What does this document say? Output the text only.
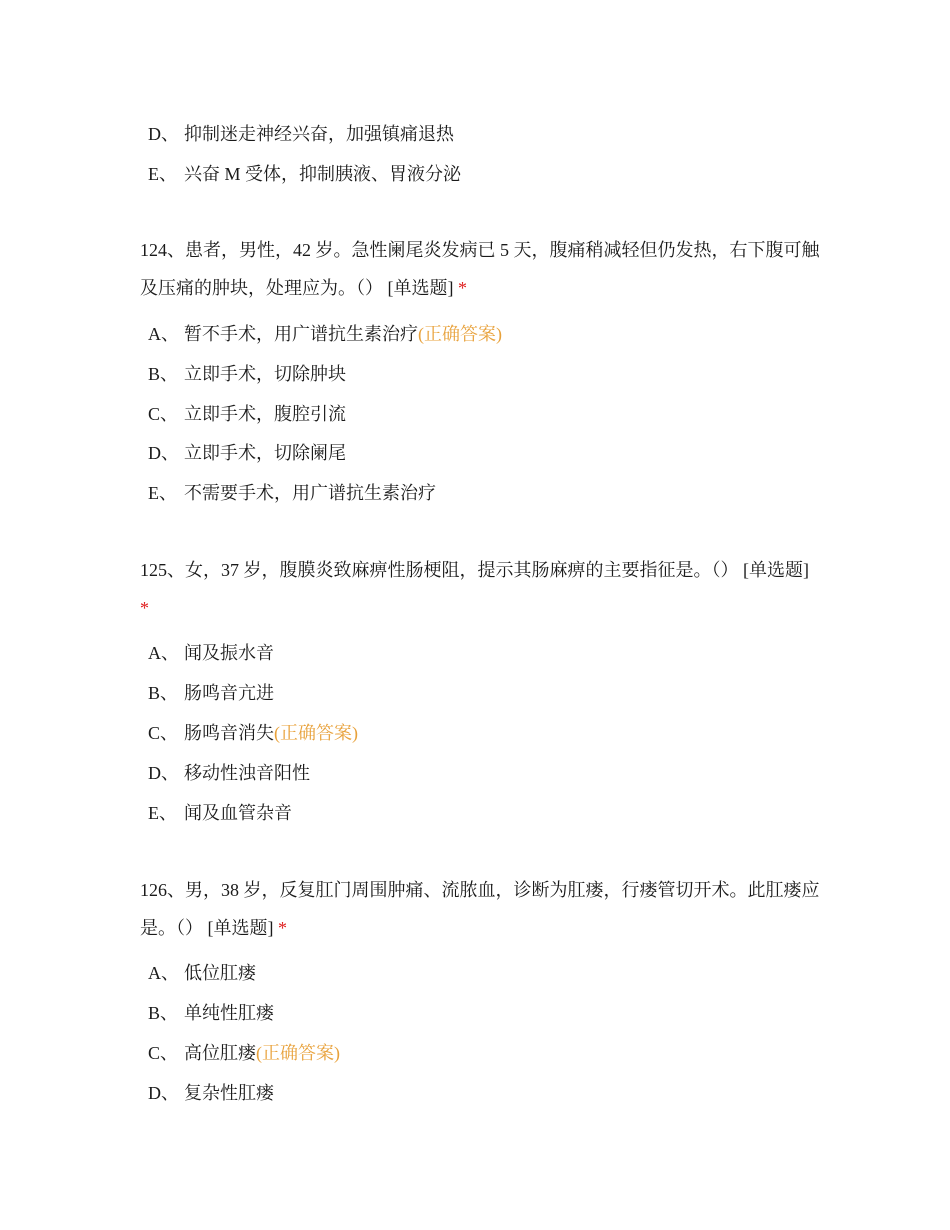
D、 抑制迷走神经兴奋，加强镇痛退热
E、 兴奋 M 受体，抑制胰液、胃液分泌
124、患者，男性，42 岁。急性阑尾炎发病已 5 天，腹痛稍减轻但仍发热，右下腹可触及压痛的肿块，处理应为。（） [单选题] *
A、 暂不手术，用广谱抗生素治疗(正确答案)
B、 立即手术，切除肿块
C、 立即手术，腹腔引流
D、 立即手术，切除阑尾
E、 不需要手术，用广谱抗生素治疗
125、女，37 岁，腹膜炎致麻痹性肠梗阻，提示其肠麻痹的主要指征是。（） [单选题] *
A、 闻及振水音
B、 肠鸣音亢进
C、 肠鸣音消失(正确答案)
D、 移动性浊音阳性
E、 闻及血管杂音
126、男，38 岁，反复肛门周围肿痛、流脓血，诊断为肛瘘，行瘘管切开术。此肛瘘应是。（） [单选题] *
A、 低位肛瘘
B、 单纯性肛瘘
C、 高位肛瘘(正确答案)
D、 复杂性肛瘘
